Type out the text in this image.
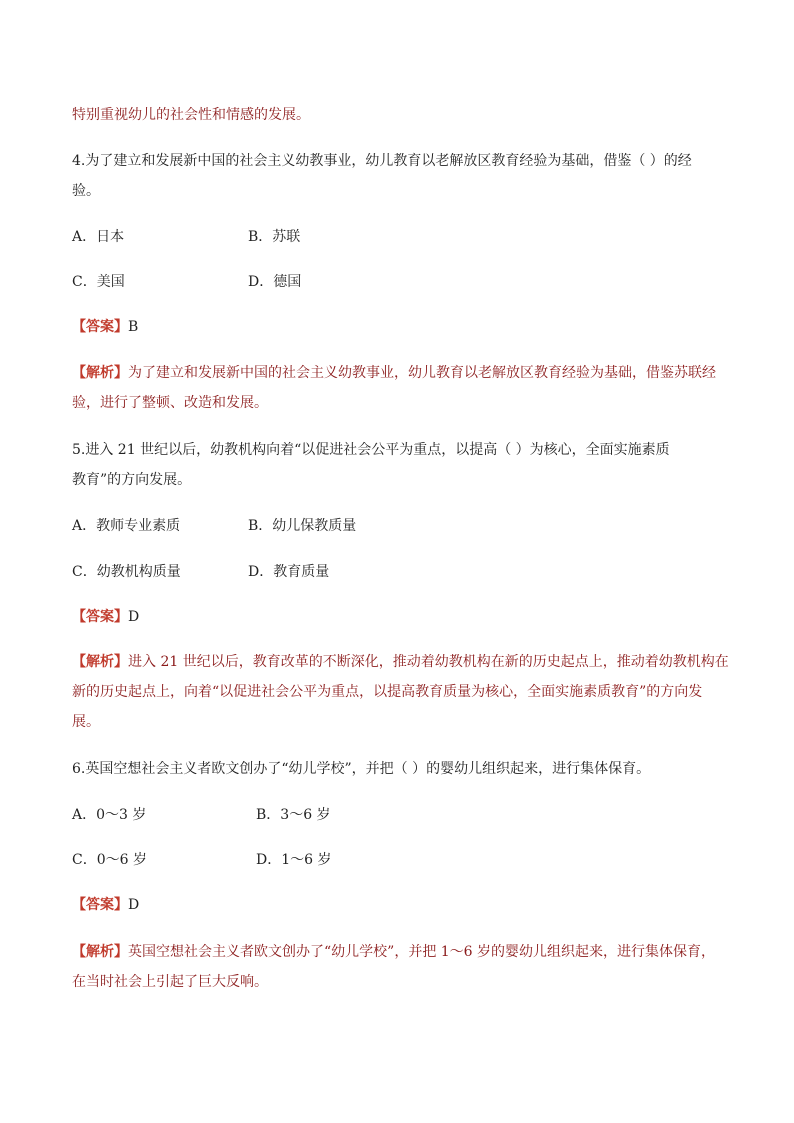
特别重视幼儿的社会性和情感的发展。
4.为了建立和发展新中国的社会主义幼教事业，幼儿教育以老解放区教育经验为基础，借鉴（ ）的经
验。
A．日本	B．苏联
C．美国	D．德国
【答案】B
【解析】为了建立和发展新中国的社会主义幼教事业，幼儿教育以老解放区教育经验为基础，借鉴苏联经
验，进行了整顿、改造和发展。
5.进入 21 世纪以后，幼教机构向着“以促进社会公平为重点，以提高（ ）为核心，全面实施素质
教育”的方向发展。
A．教师专业素质	B．幼儿保教质量
C．幼教机构质量	D．教育质量
【答案】D
【解析】进入 21 世纪以后，教育改革的不断深化，推动着幼教机构在新的历史起点上，推动着幼教机构在
新的历史起点上，向着“以促进社会公平为重点，以提高教育质量为核心，全面实施素质教育”的方向发
展。
6.英国空想社会主义者欧文创办了“幼儿学校”，并把（ ）的婴幼儿组织起来，进行集体保育。
A．0～3 岁	B．3～6 岁
C．0～6 岁	D．1～6 岁
【答案】D
【解析】英国空想社会主义者欧文创办了“幼儿学校”，并把 1～6 岁的婴幼儿组织起来，进行集体保育，
在当时社会上引起了巨大反响。
